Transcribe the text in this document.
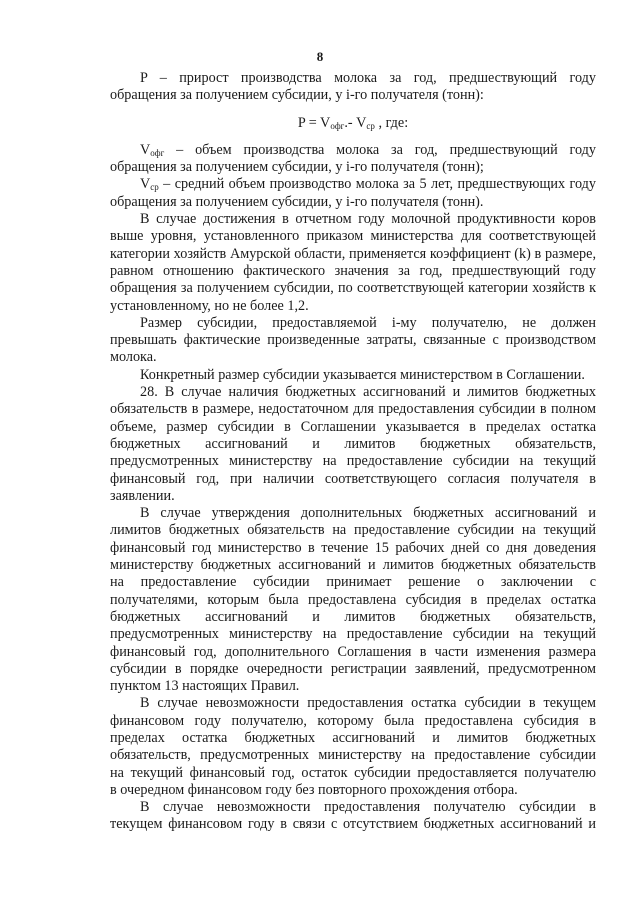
8
P – прирост производства молока за год, предшествующий году
обращения за получением субсидии, у i-го получателя (тонн):
$P = V_{офг}.-$ $V_{ср}$ , где:
$V_{офг}$ – объем производства молока за год, предшествующий году
обращения за получением субсидии, у i-го получателя (тонн);
$V_{ср}$ – средний объем производство молока за 5 лет, предшествующих году
обращения за получением субсидии, у i-го получателя (тонн).
В случае достижения в отчетном году молочной продуктивности коров
выше уровня, установленного приказом министерства для соответствующей
категории хозяйств Амурской области, применяется коэффициент (k) в размере,
равном отношению фактического значения за год, предшествующий году
обращения за получением субсидии, по соответствующей категории хозяйств к
установленному, но не более 1,2.
Размер субсидии, предоставляемой i-му получателю, не должен
превышать фактические произведенные затраты, связанные с производством
молока.
Конкретный размер субсидии указывается министерством в Соглашении.
28. В случае наличия бюджетных ассигнований и лимитов бюджетных
обязательств в размере, недостаточном для предоставления субсидии в полном
объеме, размер субсидии в Соглашении указывается в пределах остатка
бюджетных ассигнований и лимитов бюджетных обязательств,
предусмотренных министерству на предоставление субсидии на текущий
финансовый год, при наличии соответствующего согласия получателя в
заявлении.
В случае утверждения дополнительных бюджетных ассигнований и
лимитов бюджетных обязательств на предоставление субсидии на текущий
финансовый год министерство в течение 15 рабочих дней со дня доведения
министерству бюджетных ассигнований и лимитов бюджетных обязательств
на предоставление субсидии принимает решение о заключении с
получателями, которым была предоставлена субсидия в пределах остатка
бюджетных ассигнований и лимитов бюджетных обязательств,
предусмотренных министерству на предоставление субсидии на текущий
финансовый год, дополнительного Соглашения в части изменения размера
субсидии в порядке очередности регистрации заявлений, предусмотренном
пунктом 13 настоящих Правил.
В случае невозможности предоставления остатка субсидии в текущем
финансовом году получателю, которому была предоставлена субсидия в
пределах остатка бюджетных ассигнований и лимитов бюджетных
обязательств, предусмотренных министерству на предоставление субсидии
на текущий финансовый год, остаток субсидии предоставляется получателю
в очередном финансовом году без повторного прохождения отбора.
В случае невозможности предоставления получателю субсидии в
текущем финансовом году в связи с отсутствием бюджетных ассигнований и
